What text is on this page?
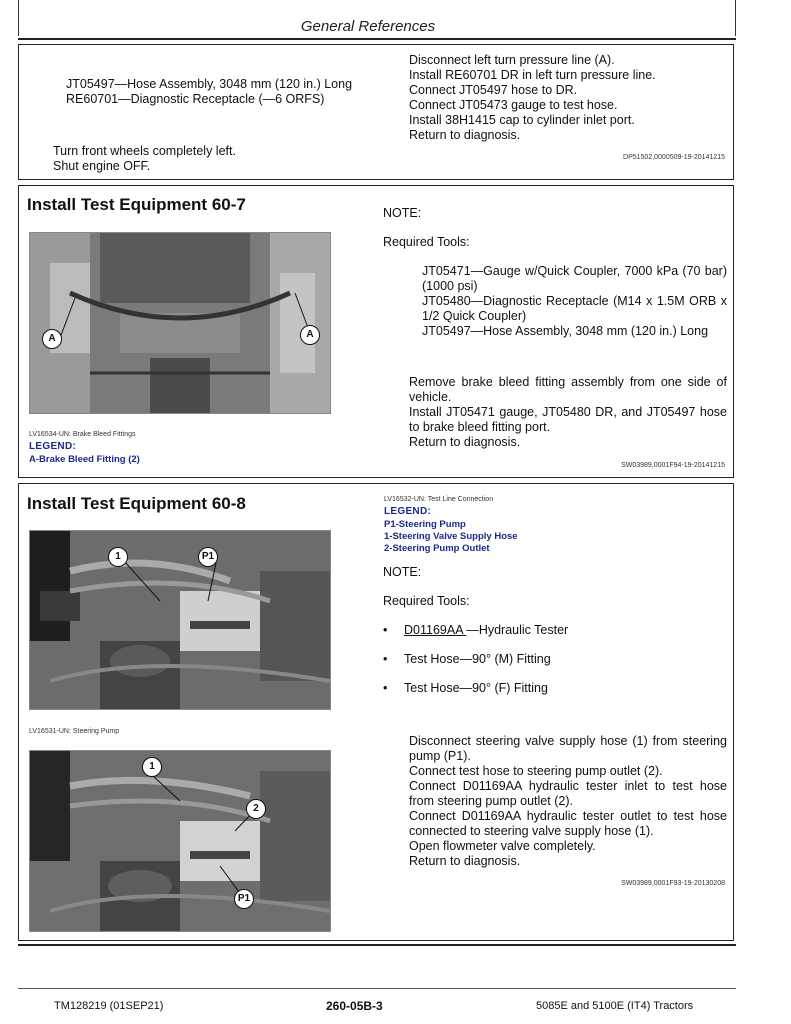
General References
JT05497—Hose Assembly, 3048 mm (120 in.) Long
RE60701—Diagnostic Receptacle (—6 ORFS)
Turn front wheels completely left.
Shut engine OFF.
Disconnect left turn pressure line (A).
Install RE60701 DR in left turn pressure line.
Connect JT05497 hose to DR.
Connect JT05473 gauge to test hose.
Install 38H1415 cap to cylinder inlet port.
Return to diagnosis.
DP51502,0000509-19-20141215
Install Test Equipment 60-7
A	A
LV16534-UN: Brake Bleed Fittings
LEGEND:
A-Brake Bleed Fitting (2)
NOTE:
Required Tools:
JT05471—Gauge w/Quick Coupler, 7000 kPa (70 bar) (1000 psi)
JT05480—Diagnostic Receptacle (M14 x 1.5M ORB x 1/2 Quick Coupler)
JT05497—Hose Assembly, 3048 mm (120 in.) Long
Remove brake bleed fitting assembly from one side of vehicle.
Install JT05471 gauge, JT05480 DR, and JT05497 hose to brake bleed fitting port.
Return to diagnosis.
SW03989,0001F94-19-20141215
Install Test Equipment 60-8	LV16532-UN: Test Line Connection
LEGEND:
P1-Steering Pump
1-Steering Valve Supply Hose
2-Steering Pump Outlet
1	P1
LV16531-UN: Steering Pump
1
2
P1
NOTE:
Required Tools:
• D01169AA —Hydraulic Tester
• Test Hose—90° (M) Fitting
• Test Hose—90° (F) Fitting
Disconnect steering valve supply hose (1) from steering pump (P1).
Connect test hose to steering pump outlet (2).
Connect D01169AA hydraulic tester inlet to test hose from steering pump outlet (2).
Connect D01169AA hydraulic tester outlet to test hose connected to steering valve supply hose (1).
Open flowmeter valve completely.
Return to diagnosis.
SW03989,0001F93-19-20130208
TM128219 (01SEP21)	260-05B-3	5085E and 5100E (IT4) Tractors
